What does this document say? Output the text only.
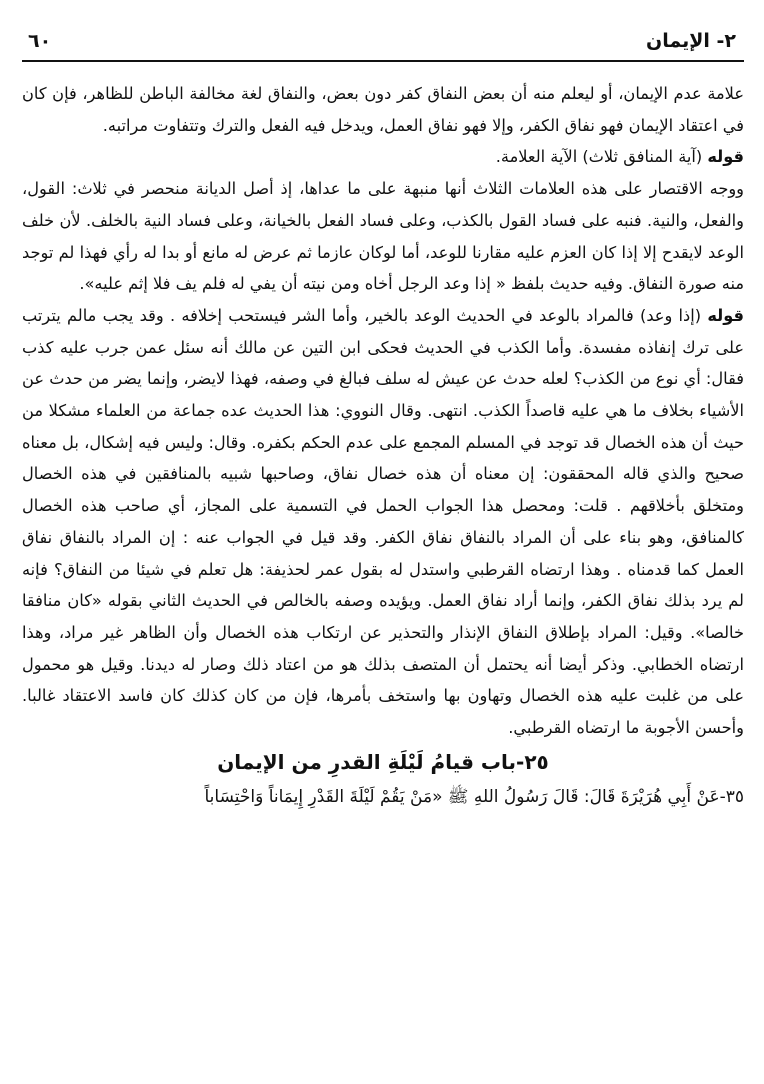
٢- الإيمان
٦٠

علامة عدم الإيمان، أو ليعلم منه أن بعض النفاق كفر دون بعض، والنفاق لغة مخالفة الباطن للظاهر، فإن كان في اعتقاد الإيمان فهو نفاق الكفر، وإلا فهو نفاق العمل، ويدخل فيه الفعل والترك وتتفاوت مراتبه.

قوله (آية المنافق ثلاث) الآية العلامة.

ووجه الاقتصار على هذه العلامات الثلاث أنها منبهة على ما عداها، إذ أصل الديانة منحصر في ثلاث: القول، والفعل، والنية. فنبه على فساد القول بالكذب، وعلى فساد الفعل بالخيانة، وعلى فساد النية بالخلف. لأن خلف الوعد لايقدح إلا إذا كان العزم عليه مقارنا للوعد، أما لوكان عازما ثم عرض له مانع أو بدا له رأي فهذا لم توجد منه صورة النفاق. وفيه حديث بلفظ « إذا وعد الرجل أخاه ومن نيته أن يفي له فلم يف فلا إثم عليه».

قوله (إذا وعد) فالمراد بالوعد في الحديث الوعد بالخير، وأما الشر فيستحب إخلافه . وقد يجب مالم يترتب على ترك إنفاذه مفسدة. وأما الكذب في الحديث فحكى ابن التين عن مالك أنه سئل عمن جرب عليه كذب فقال: أي نوع من الكذب؟ لعله حدث عن عيش له سلف فبالغ في وصفه، فهذا لايضر، وإنما يضر من حدث عن الأشياء بخلاف ما هي عليه قاصداً الكذب. انتهى. وقال النووي: هذا الحديث عده جماعة من العلماء مشكلا من حيث أن هذه الخصال قد توجد في المسلم المجمع على عدم الحكم بكفره. وقال: وليس فيه إشكال، بل معناه صحيح والذي قاله المحققون: إن معناه أن هذه خصال نفاق، وصاحبها شبيه بالمنافقين في هذه الخصال ومتخلق بأخلاقهم . قلت: ومحصل هذا الجواب الحمل في التسمية على المجاز، أي صاحب هذه الخصال كالمنافق، وهو بناء على أن المراد بالنفاق نفاق الكفر. وقد قيل في الجواب عنه : إن المراد بالنفاق نفاق العمل كما قدمناه . وهذا ارتضاه القرطبي واستدل له بقول عمر لحذيفة: هل تعلم في شيئا من النفاق؟ فإنه لم يرد بذلك نفاق الكفر، وإنما أراد نفاق العمل. ويؤيده وصفه بالخالص في الحديث الثاني بقوله «كان منافقا خالصا». وقيل: المراد بإطلاق النفاق الإنذار والتحذير عن ارتكاب هذه الخصال وأن الظاهر غير مراد، وهذا ارتضاه الخطابي. وذكر أيضا أنه يحتمل أن المتصف بذلك هو من اعتاد ذلك وصار له ديدنا. وقيل هو محمول على من غلبت عليه هذه الخصال وتهاون بها واستخف بأمرها، فإن من كان كذلك كان فاسد الاعتقاد غالبا. وأحسن الأجوبة ما ارتضاه القرطبي.

٢٥-باب قيامُ لَيْلَةِ القدرِ من الإيمان
٣٥-عَنْ أَبِي هُرَيْرَةَ قَالَ: قَالَ رَسُولُ اللهِ ﷺ «مَنْ يَقُمْ لَيْلَةَ القَدْرِ إِيمَاناً وَاحْتِسَاباً
